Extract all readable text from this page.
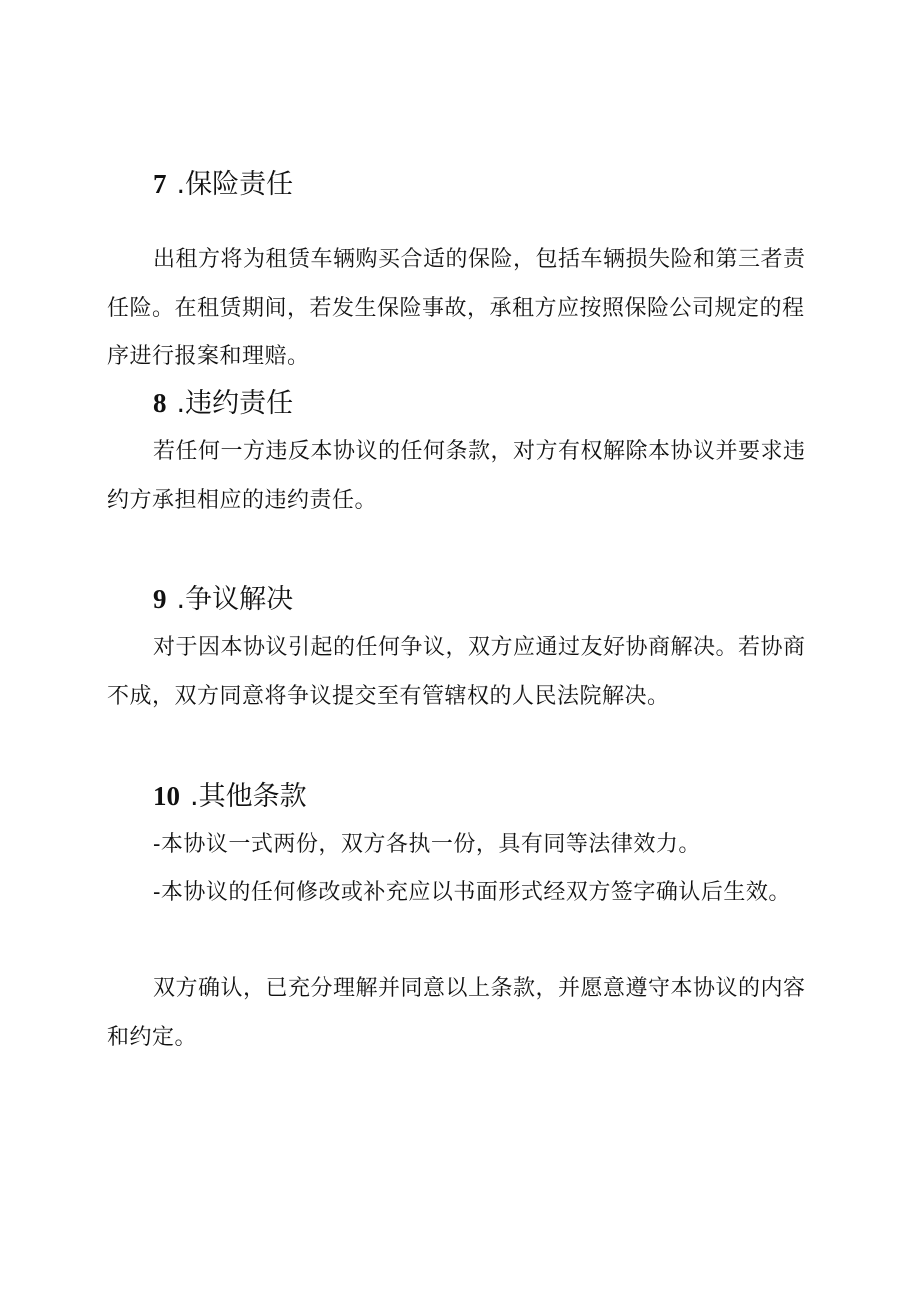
7 .保险责任

出租方将为租赁车辆购买合适的保险，包括车辆损失险和第三者责任险。在租赁期间，若发生保险事故，承租方应按照保险公司规定的程序进行报案和理赔。

8 .违约责任

若任何一方违反本协议的任何条款，对方有权解除本协议并要求违约方承担相应的违约责任。

9 .争议解决

对于因本协议引起的任何争议，双方应通过友好协商解决。若协商不成，双方同意将争议提交至有管辖权的人民法院解决。

10 .其他条款

-本协议一式两份，双方各执一份，具有同等法律效力。

-本协议的任何修改或补充应以书面形式经双方签字确认后生效。

双方确认，已充分理解并同意以上条款，并愿意遵守本协议的内容和约定。
